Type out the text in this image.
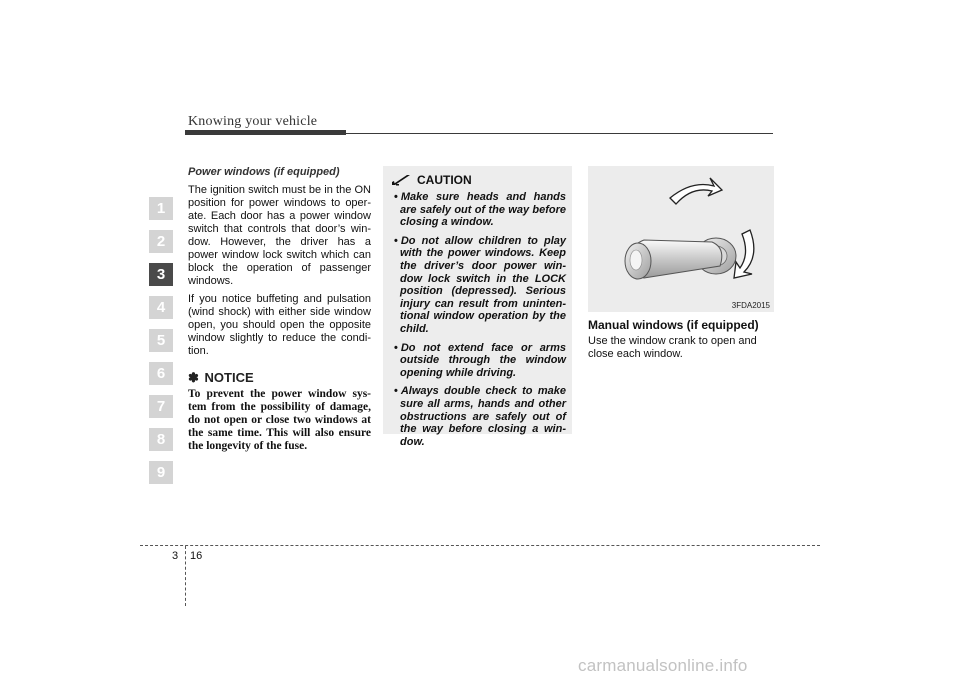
Knowing your vehicle
1
2
3
4
5
6
7
8
9
Power windows (if equipped)

The ignition switch must be in the ON position for power windows to oper-ate. Each door has a power window switch that controls that door’s win-dow. However, the driver has a power window lock switch which can block the operation of passenger windows.

If you notice buffeting and pulsation (wind shock) with either side window open, you should open the opposite window slightly to reduce the condi-tion.

✽ NOTICE

To prevent the power window sys-tem from the possibility of damage, do not open or close two windows at the same time. This will also ensure the longevity of the fuse.

CAUTION
• Make sure heads and hands are safely out of the way before closing a window.
• Do not allow children to play with the power windows. Keep the driver’s door power win-dow lock switch in the LOCK position (depressed). Serious injury can result from uninten-tional window operation by the child.
• Do not extend face or arms outside through the window opening while driving.
• Always double check to make sure all arms, hands and other obstructions are safely out of the way before closing a win-dow.
3FDA2015
Manual windows (if equipped)

Use the window crank to open and close each window.

3 16
carmanualsonline.info
